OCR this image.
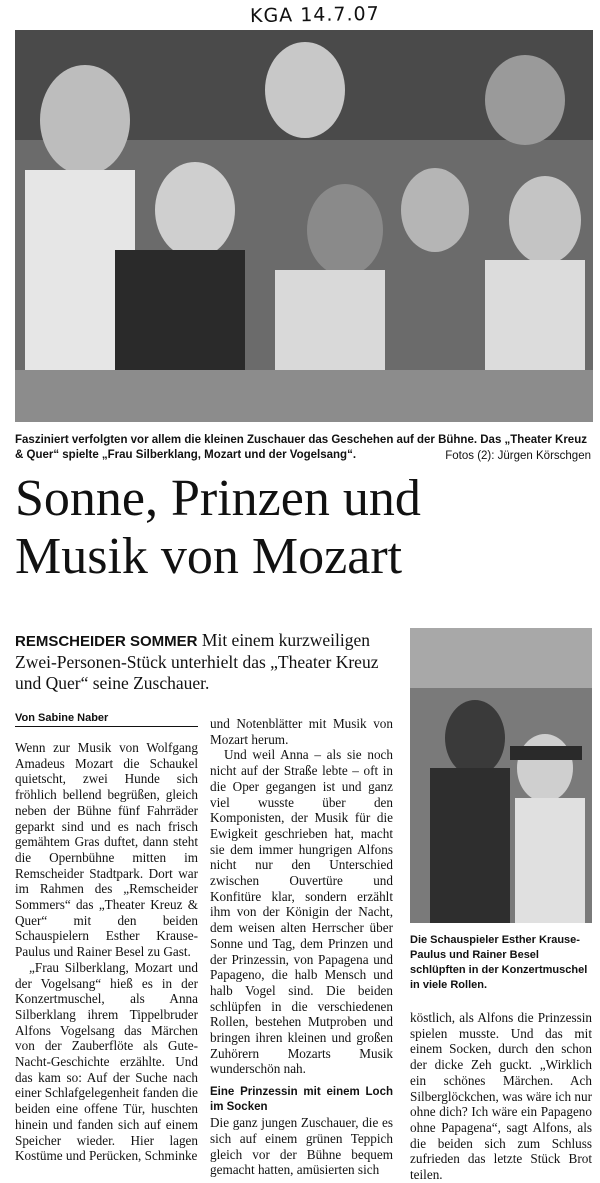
KGA 14.7.07
Fasziniert verfolgten vor allem die kleinen Zuschauer das Geschehen auf der Bühne. Das „Theater Kreuz & Quer“ spielte „Frau Silberklang, Mozart und der Vogelsang“.	Fotos (2): Jürgen Körschgen
Sonne, Prinzen und
Musik von Mozart
REMSCHEIDER SOMMER Mit einem kurzweiligen Zwei-Personen-Stück unterhielt das „Theater Kreuz und Quer“ seine Zuschauer.
Die Schauspieler Esther Krause-Paulus und Rainer Besel schlüpften in der Konzertmuschel in viele Rollen.
Von Sabine Naber

Wenn zur Musik von Wolfgang Amadeus Mozart die Schaukel quietscht, zwei Hunde sich fröhlich bellend begrüßen, gleich neben der Bühne fünf Fahrräder geparkt sind und es nach frisch gemähtem Gras duftet, dann steht die Opernbühne mitten im Remscheider Stadtpark. Dort war im Rahmen des „Remscheider Sommers“ das „Theater Kreuz & Quer“ mit den beiden Schauspielern Esther Krause-Paulus und Rainer Besel zu Gast.

„Frau Silberklang, Mozart und der Vogelsang“ hieß es in der Konzertmuschel, als Anna Silberklang ihrem Tippelbruder Alfons Vogelsang das Märchen von der Zauberflöte als Gute-Nacht-Geschichte erzählte. Und das kam so: Auf der Suche nach einer Schlafgelegenheit fanden die beiden eine offene Tür, huschten hinein und fanden sich auf einem Speicher wieder. Hier lagen Kostüme und Perücken, Schminke

und Notenblätter mit Musik von Mozart herum.

Und weil Anna – als sie noch nicht auf der Straße lebte – oft in die Oper gegangen ist und ganz viel wusste über den Komponisten, der Musik für die Ewigkeit geschrieben hat, macht sie dem immer hungrigen Alfons nicht nur den Unterschied zwischen Ouvertüre und Konfitüre klar, sondern erzählt ihm von der Königin der Nacht, dem weisen alten Herrscher über Sonne und Tag, dem Prinzen und der Prinzessin, von Papagena und Papageno, die halb Mensch und halb Vogel sind. Die beiden schlüpfen in die verschiedenen Rollen, bestehen Mutproben und bringen ihren kleinen und großen Zuhörern Mozarts Musik wunderschön nah.

Eine Prinzessin mit einem Loch im Socken

Die ganz jungen Zuschauer, die es sich auf einem grünen Teppich gleich vor der Bühne bequem gemacht hatten, amüsierten sich

köstlich, als Alfons die Prinzessin spielen musste. Und das mit einem Socken, durch den schon der dicke Zeh guckt. „Wirklich ein schönes Märchen. Ach Silberglöckchen, was wäre ich nur ohne dich? Ich wäre ein Papageno ohne Papagena“, sagt Alfons, als die beiden sich zum Schluss zufrieden das letzte Stück Brot teilen.
